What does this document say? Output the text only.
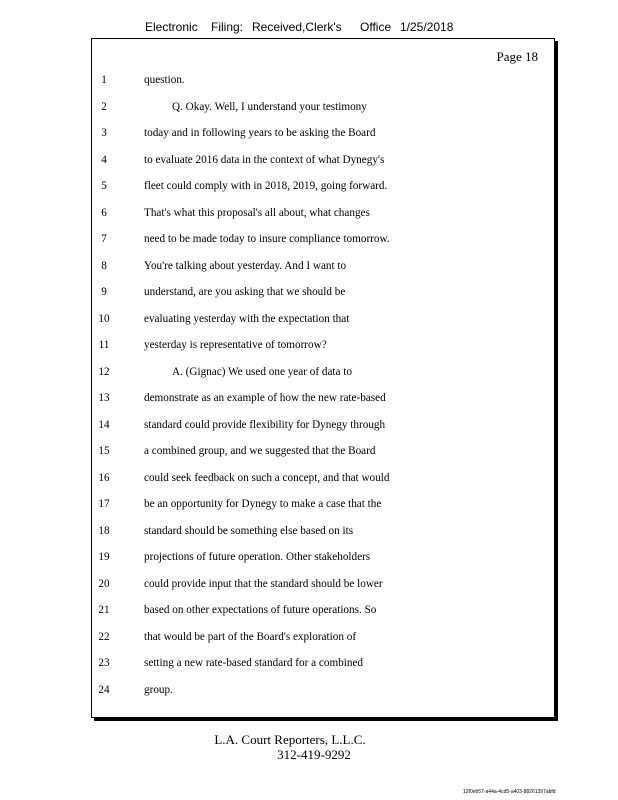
Electronic	Filing: Received,Clerk's	Office 1/25/2018
Page 18
1	question.
2	Q. Okay. Well, I understand your testimony
3	today and in following years to be asking the Board
4	to evaluate 2016 data in the context of what Dynegy's
5	fleet could comply with in 2018, 2019, going forward.
6	That's what this proposal's all about, what changes
7	need to be made today to insure compliance tomorrow.
8	You're talking about yesterday. And I want to
9	understand, are you asking that we should be
10	evaluating yesterday with the expectation that
11	yesterday is representative of tomorrow?
12	A. (Gignac) We used one year of data to
13	demonstrate as an example of how the new rate-based
14	standard could provide flexibility for Dynegy through
15	a combined group, and we suggested that the Board
16	could seek feedback on such a concept, and that would
17	be an opportunity for Dynegy to make a case that the
18	standard should be something else based on its
19	projections of future operation. Other stakeholders
20	could provide input that the standard should be lower
21	based on other expectations of future operations. So
22	that would be part of the Board's exploration of
23	setting a new rate-based standard for a combined
24	group.
L.A. Court Reporters, L.L.C.
312-419-9292
12f0eb57-a44a-4cd5-a403-88261397abfd
